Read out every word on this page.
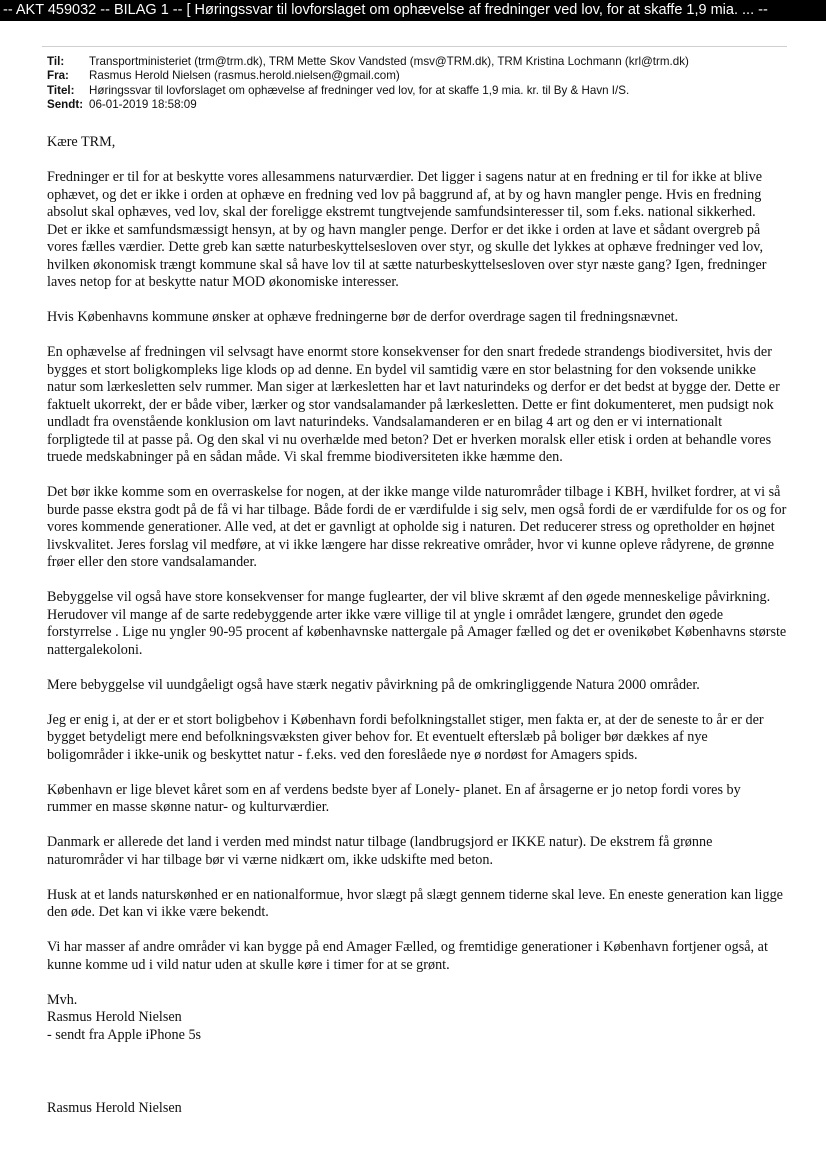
-- AKT 459032 -- BILAG 1 -- [ Høringssvar til lovforslaget om ophævelse af fredninger ved lov, for at skaffe 1,9 mia. ... --
Til:	Transportministeriet (trm@trm.dk), TRM Mette Skov Vandsted (msv@TRM.dk), TRM Kristina Lochmann (krl@trm.dk)
Fra:	Rasmus Herold Nielsen (rasmus.herold.nielsen@gmail.com)
Titel:	Høringssvar til lovforslaget om ophævelse af fredninger ved lov, for at skaffe 1,9 mia. kr. til By & Havn I/S.
Sendt: 06-01-2019 18:58:09

Kære TRM,

Fredninger er til for at beskytte vores allesammens naturværdier. Det ligger i sagens natur at en fredning er til for ikke at blive ophævet, og det er ikke i orden at ophæve en fredning ved lov på baggrund af, at by og havn mangler penge. Hvis en fredning absolut skal ophæves, ved lov, skal der foreligge ekstremt tungtvejende samfundsinteresser til, som f.eks. national sikkerhed.
Det er ikke et samfundsmæssigt hensyn, at by og havn mangler penge. Derfor er det ikke i orden at lave et sådant overgreb på vores fælles værdier. Dette greb kan sætte naturbeskyttelsesloven over styr, og skulle det lykkes at ophæve fredninger ved lov, hvilken økonomisk trængt kommune skal så have lov til at sætte naturbeskyttelsesloven over styr næste gang? Igen, fredninger laves netop for at beskytte natur MOD økonomiske interesser.

Hvis Københavns kommune ønsker at ophæve fredningerne bør de derfor overdrage sagen til fredningsnævnet.

En ophævelse af fredningen vil selvsagt have enormt store konsekvenser for den snart fredede strandengs biodiversitet, hvis der bygges et stort boligkompleks lige klods op ad denne. En bydel vil samtidig være en stor belastning for den voksende unikke natur som lærkesletten selv rummer. Man siger at lærkesletten har et lavt naturindeks og derfor er det bedst at bygge der. Dette er faktuelt ukorrekt, der er både viber, lærker og stor vandsalamander på lærkesletten. Dette er fint dokumenteret, men pudsigt nok undladt fra ovenstående konklusion om lavt naturindeks. Vandsalamanderen er en bilag 4 art og den er vi internationalt forpligtede til at passe på. Og den skal vi nu overhælde med beton? Det er hverken moralsk eller etisk i orden at behandle vores truede medskabninger på en sådan måde. Vi skal fremme biodiversiteten ikke hæmme den.

Det bør ikke komme som en overraskelse for nogen, at der ikke mange vilde naturområder tilbage i KBH, hvilket fordrer, at vi så burde passe ekstra godt på de få vi har tilbage. Både fordi de er værdifulde i sig selv, men også fordi de er værdifulde for os og for vores kommende generationer. Alle ved, at det er gavnligt at opholde sig i naturen. Det reducerer stress og opretholder en højnet livskvalitet. Jeres forslag vil medføre, at vi ikke længere har disse rekreative områder, hvor vi kunne opleve rådyrene, de grønne frøer eller den store vandsalamander.

Bebyggelse vil også have store konsekvenser for mange fuglearter, der vil blive skræmt af den øgede menneskelige påvirkning. Herudover vil mange af de sarte redebyggende arter ikke være villige til at yngle i området længere, grundet den øgede forstyrrelse . Lige nu yngler 90-95 procent af københavnske nattergale på Amager fælled og det er ovenikøbet Københavns største nattergalekoloni.

Mere bebyggelse vil uundgåeligt også have stærk negativ påvirkning på de omkringliggende Natura 2000 områder.

Jeg er enig i, at der er et stort boligbehov i København fordi befolkningstallet stiger, men fakta er, at der de seneste to år er der bygget betydeligt mere end befolkningsvæksten giver behov for. Et eventuelt efterslæb på boliger bør dækkes af nye boligområder i ikke-unik og beskyttet natur - f.eks. ved den foreslåede nye ø nordøst for Amagers spids.

København er lige blevet kåret som en af verdens bedste byer af Lonely- planet. En af årsagerne er jo netop fordi vores by rummer en masse skønne natur- og kulturværdier.

Danmark er allerede det land i verden med mindst natur tilbage (landbrugsjord er IKKE natur). De ekstrem få grønne naturområder vi har tilbage bør vi værne nidkært om, ikke udskifte med beton.

Husk at et lands naturskønhed er en nationalformue, hvor slægt på slægt gennem tiderne skal leve. En eneste generation kan ligge den øde. Det kan vi ikke være bekendt.

Vi har masser af andre områder vi kan bygge på end Amager Fælled, og fremtidige generationer i København fortjener også, at kunne komme ud i vild natur uden at skulle køre i timer for at se grønt.

Mvh.
Rasmus Herold Nielsen
- sendt fra Apple iPhone 5s

Rasmus Herold Nielsen
